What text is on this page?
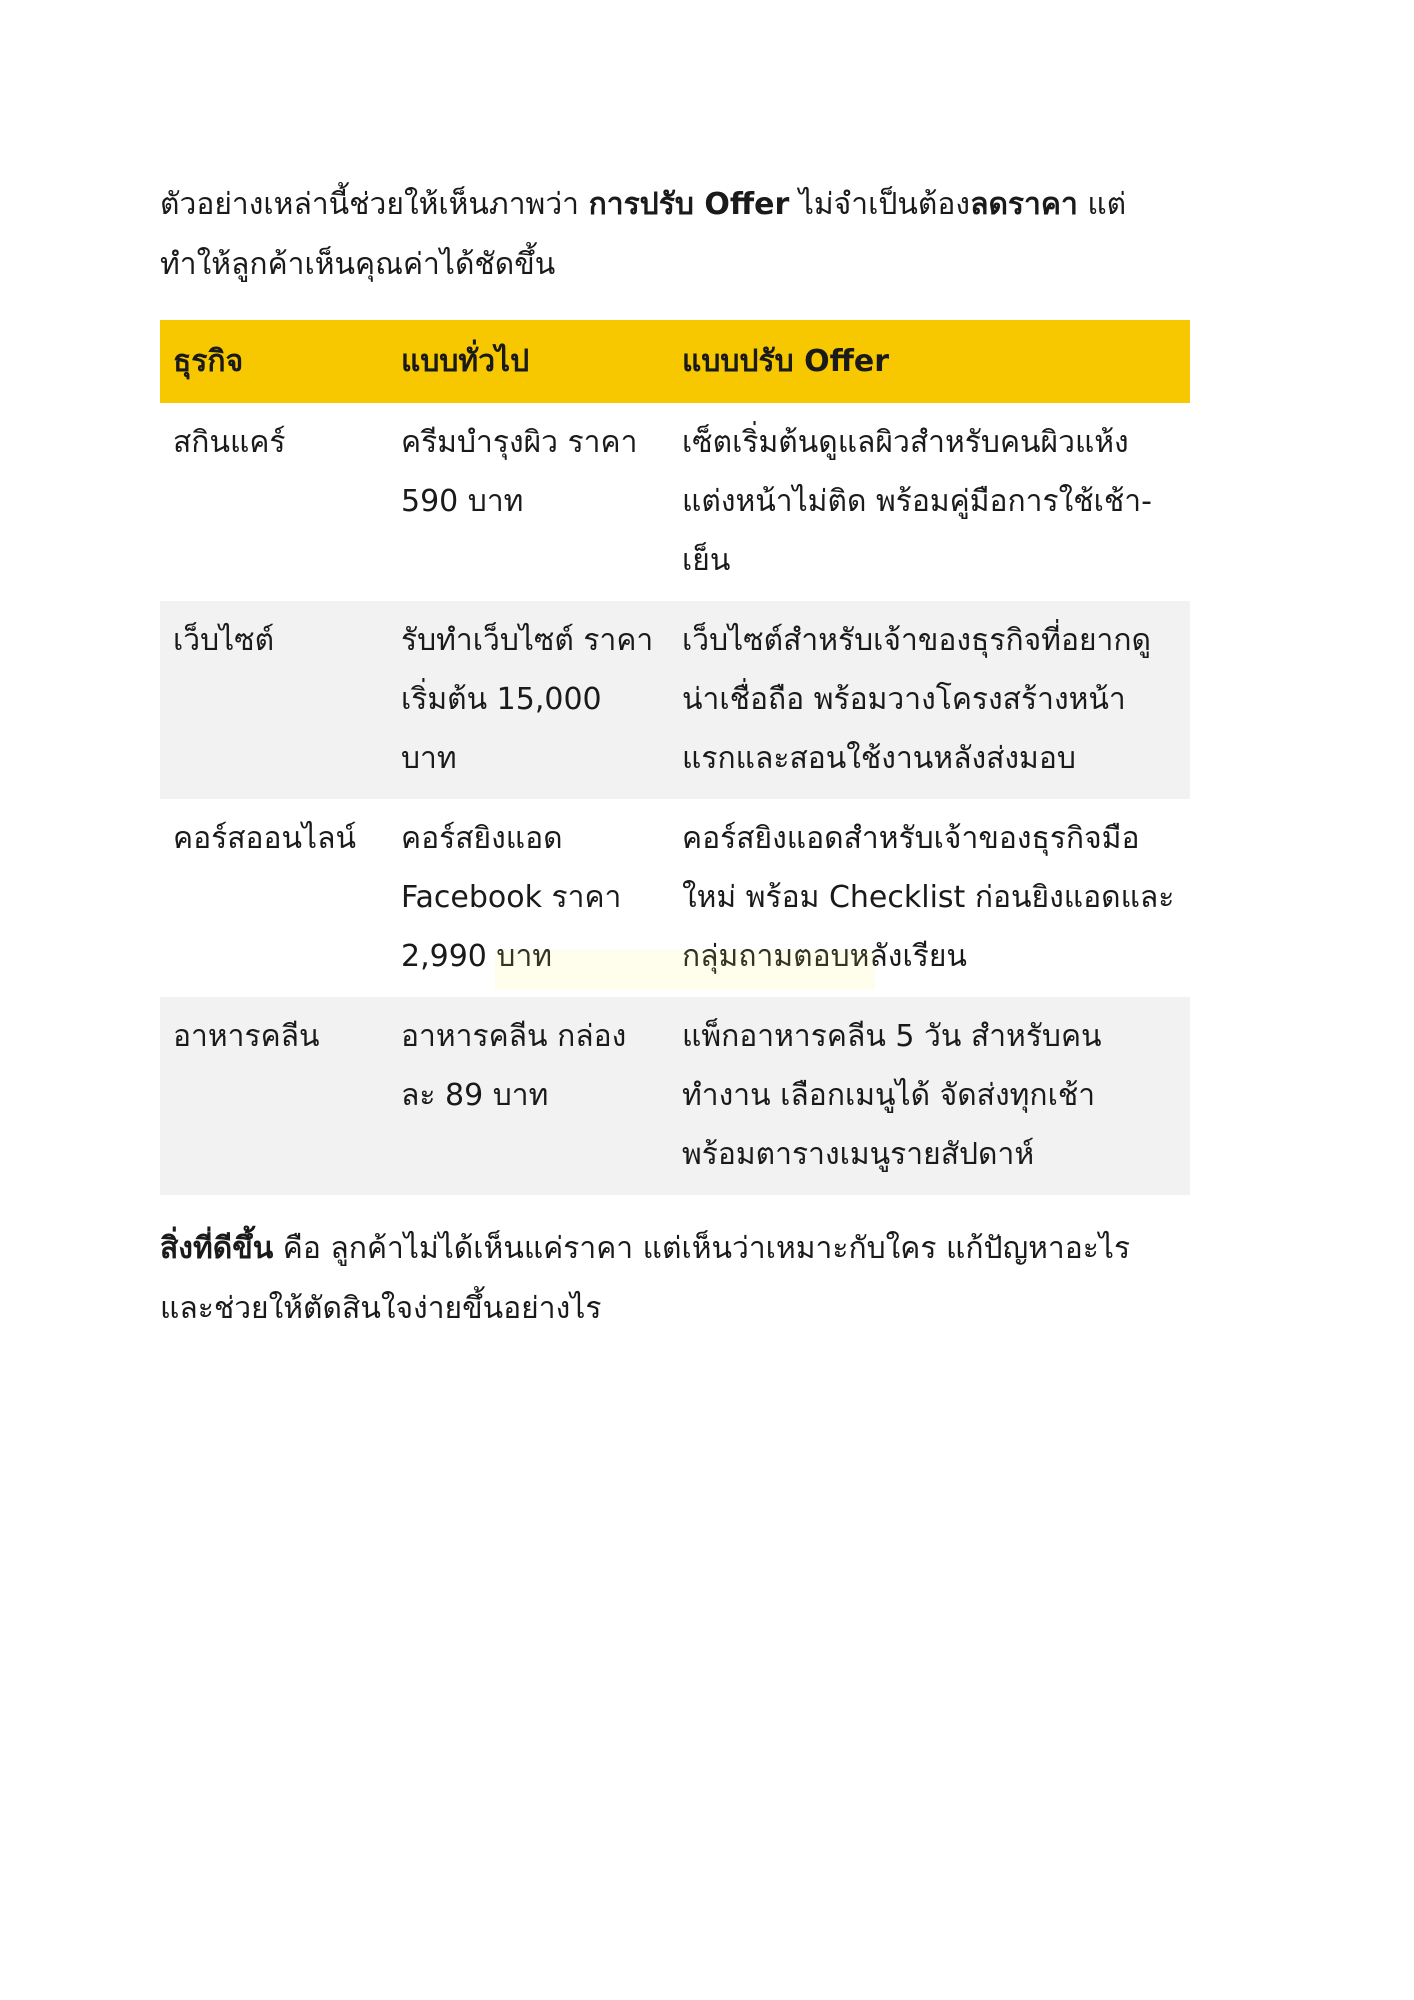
ตัวอย่างเหล่านี้ช่วยให้เห็นภาพว่า การปรับ Offer ไม่จำเป็นต้องลดราคา แต่ทำให้ลูกค้าเห็นคุณค่าได้ชัดขึ้น

ธุรกิจ	แบบทั่วไป	แบบปรับ Offer
สกินแคร์	ครีมบำรุงผิว ราคา 590 บาท	เซ็ตเริ่มต้นดูแลผิวสำหรับคนผิวแห้ง แต่งหน้าไม่ติด พร้อมคู่มือการใช้เช้า-เย็น
เว็บไซต์	รับทำเว็บไซต์ ราคาเริ่มต้น 15,000 บาท	เว็บไซต์สำหรับเจ้าของธุรกิจที่อยากดูน่าเชื่อถือ พร้อมวางโครงสร้างหน้าแรกและสอนใช้งานหลังส่งมอบ
คอร์สออนไลน์	คอร์สยิงแอด Facebook ราคา 2,990 บาท	คอร์สยิงแอดสำหรับเจ้าของธุรกิจมือใหม่ พร้อม Checklist ก่อนยิงแอดและกลุ่มถามตอบหลังเรียน
อาหารคลีน	อาหารคลีน กล่องละ 89 บาท	แพ็กอาหารคลีน 5 วัน สำหรับคนทำงาน เลือกเมนูได้ จัดส่งทุกเช้า พร้อมตารางเมนูรายสัปดาห์

สิ่งที่ดีขึ้น คือ ลูกค้าไม่ได้เห็นแค่ราคา แต่เห็นว่าเหมาะกับใคร แก้ปัญหาอะไร และช่วยให้ตัดสินใจง่ายขึ้นอย่างไร
